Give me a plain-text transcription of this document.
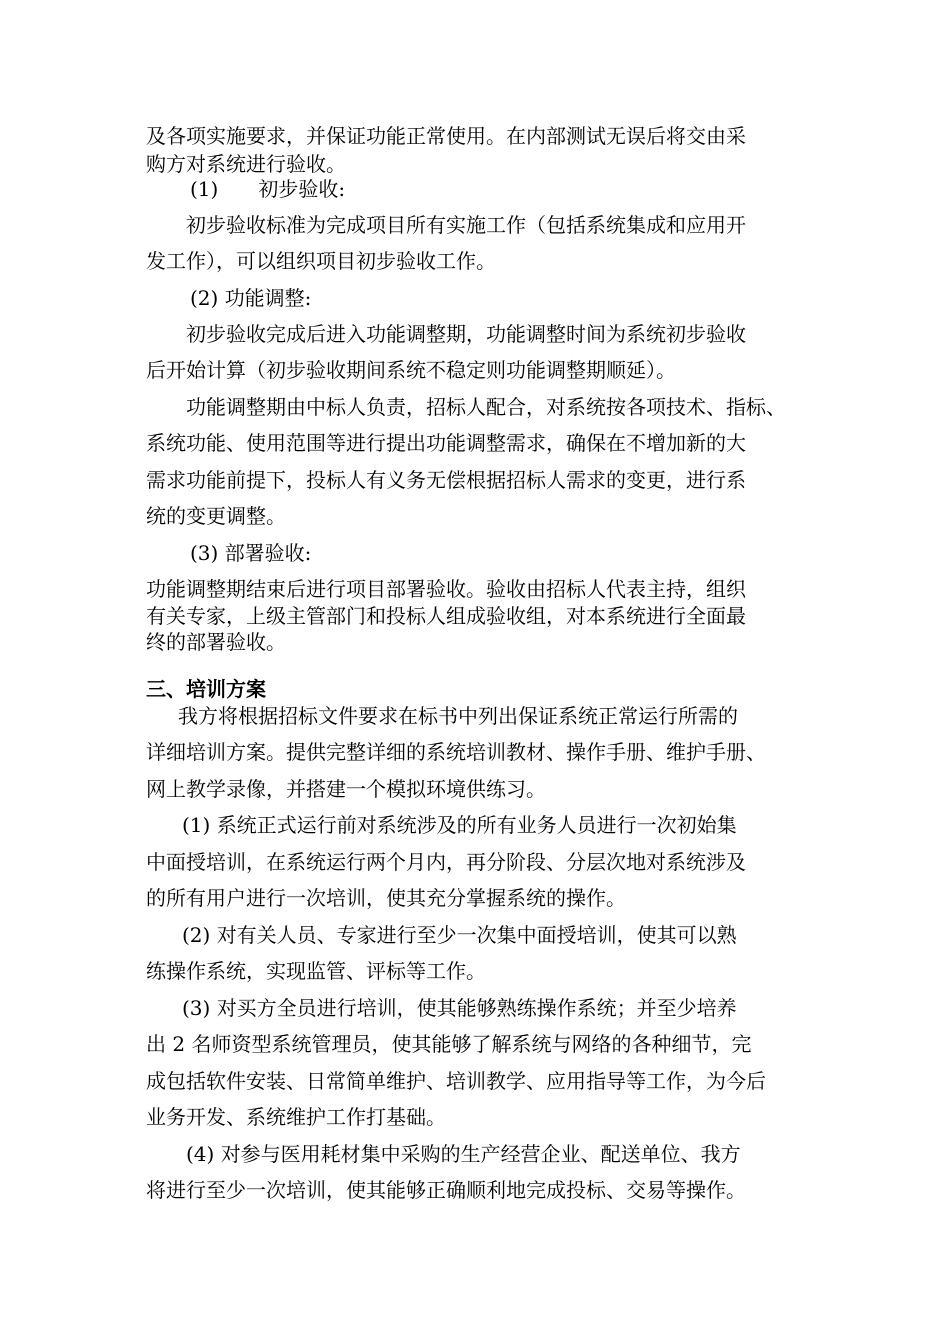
及各项实施要求，并保证功能正常使用。在内部测试无误后将交由采
购方对系统进行验收。
(1)　　初步验收:
初步验收标准为完成项目所有实施工作（包括系统集成和应用开
发工作），可以组织项目初步验收工作。
(2) 功能调整:
初步验收完成后进入功能调整期，功能调整时间为系统初步验收
后开始计算（初步验收期间系统不稳定则功能调整期顺延）。
功能调整期由中标人负责，招标人配合，对系统按各项技术、指标、
系统功能、使用范围等进行提出功能调整需求，确保在不增加新的大
需求功能前提下，投标人有义务无偿根据招标人需求的变更，进行系
统的变更调整。
(3) 部署验收:
功能调整期结束后进行项目部署验收。验收由招标人代表主持，组织
有关专家，上级主管部门和投标人组成验收组，对本系统进行全面最
终的部署验收。
三、培训方案
我方将根据招标文件要求在标书中列出保证系统正常运行所需的
详细培训方案。提供完整详细的系统培训教材、操作手册、维护手册、
网上教学录像，并搭建一个模拟环境供练习。
(1) 系统正式运行前对系统涉及的所有业务人员进行一次初始集
中面授培训，在系统运行两个月内，再分阶段、分层次地对系统涉及
的所有用户进行一次培训，使其充分掌握系统的操作。
(2) 对有关人员、专家进行至少一次集中面授培训，使其可以熟
练操作系统，实现监管、评标等工作。
(3) 对买方全员进行培训，使其能够熟练操作系统；并至少培养
出 2 名师资型系统管理员，使其能够了解系统与网络的各种细节，完
成包括软件安装、日常简单维护、培训教学、应用指导等工作，为今后
业务开发、系统维护工作打基础。
(4) 对参与医用耗材集中采购的生产经营企业、配送单位、我方
将进行至少一次培训，使其能够正确顺利地完成投标、交易等操作。
